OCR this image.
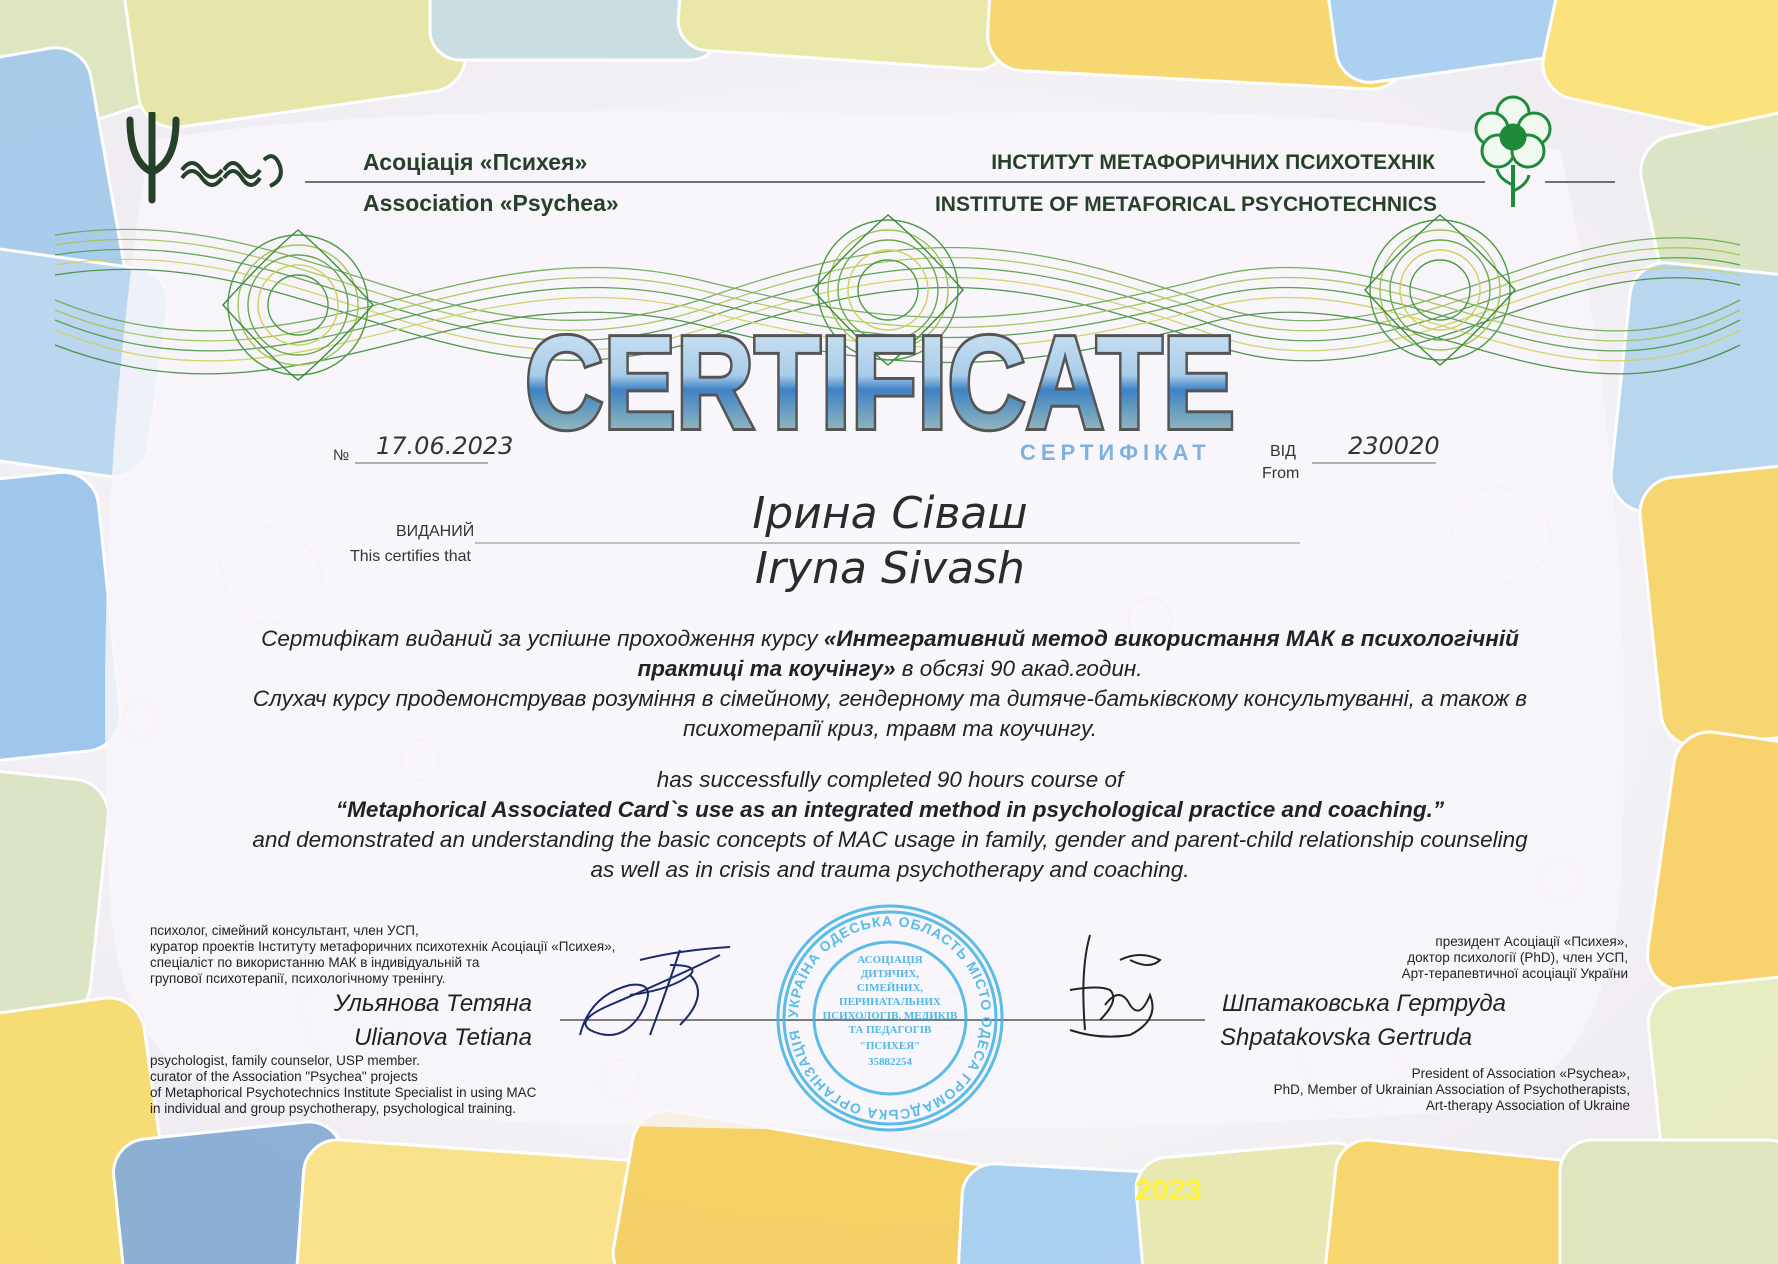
Асоціація «Психея»
Association «Psychea»
ІНСТИТУТ МЕТАФОРИЧНИХ ПСИХОТЕХНІК
INSTITUTE OF METAFORICAL PSYCHOTECHNICS
CERTIFICATE
СЕРТИФІКАТ
№ 17.06.2023	ВІД
From
230020
ВИДАНИЙ
This certifies that
Ірина Сіваш
Iryna Sivash
Сертифікат виданий за успішне проходження курсу «Интегративний метод використання МАК в психологічній
практиці та коучінгу» в обсязі 90 акад.годин.
Слухач курсу продемонстрував розуміння в сімейному, гендерному та дитяче-батьківскому консультуванні, а також в
психотерапії криз, травм та коучингу.
has successfully completed 90 hours course of
“Metaphorical Associated Card`s use as an integrated method in psychological practice and coaching.”
and demonstrated an understanding the basic concepts of MAC usage in family, gender and parent-child relationship counseling
as well as in crisis and trauma psychotherapy and coaching.
психолог, сімейний консультант, член УСП,
куратор проектів Інституту метафоричних психотехнік Асоціації «Психея»,
спеціаліст по використанню МАК в індивідуальній та
групової психотерапії, психологічному тренінгу.
Ульянова Тетяна
Ulianova Tetiana
psychologist, family counselor, USP member.
curator of the Association "Psychea" projects
of Metaphorical Psychotechnics Institute Specialist in using MAC
in individual and group psychotherapy, psychological training.
УКРАЇНА ОДЕСЬКА ОБЛАСТЬ МІСТО ОДЕСА ГРОМАДСЬКА ОРГАНІЗАЦІЯ
АСОЦІАЦІЯ
ДИТЯЧИХ,
СІМЕЙНИХ,
ПЕРИНАТАЛЬНИХ
ПСИХОЛОГІВ, МЕДИКІВ
ТА ПЕДАГОГІВ
"ПСИХЕЯ"
35882254
президент Асоціації «Психея»,
доктор психології (PhD), член УСП,
Арт-терапевтичної асоціації України
Шпатаковська Гертруда
Shpatakovska Gertruda
President of Association «Psychea»,
PhD, Member of Ukrainian Association of Psychotherapists,
Art-therapy Association of Ukraine
2023
